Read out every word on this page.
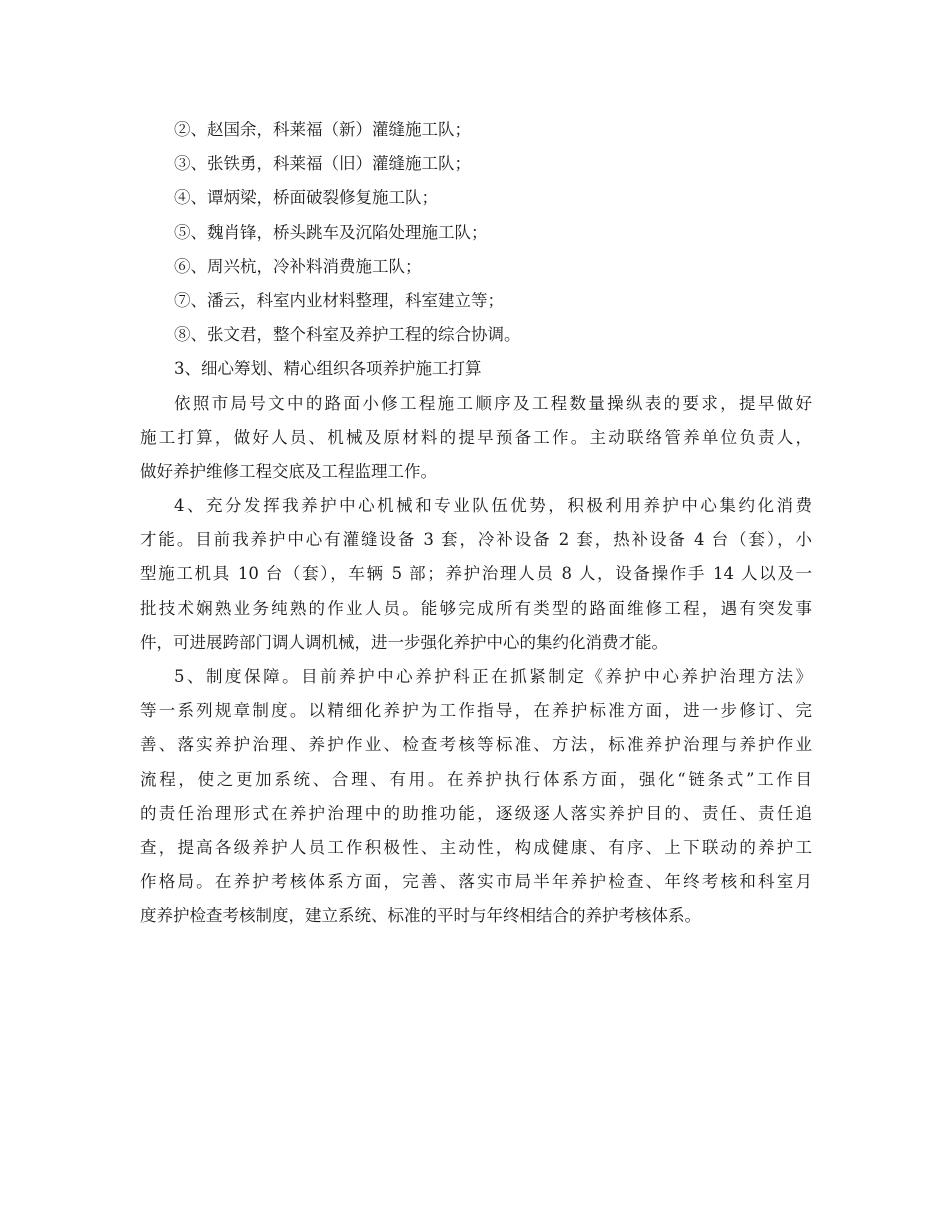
②、赵国余，科莱福（新）灌缝施工队；
③、张铁勇，科莱福（旧）灌缝施工队；
④、谭炳梁，桥面破裂修复施工队；
⑤、魏肖锋，桥头跳车及沉陷处理施工队；
⑥、周兴杭，冷补料消费施工队；
⑦、潘云，科室内业材料整理，科室建立等；
⑧、张文君，整个科室及养护工程的综合协调。
3、细心筹划、精心组织各项养护施工打算
依照市局号文中的路面小修工程施工顺序及工程数量操纵表的要求，提早做好
施工打算，做好人员、机械及原材料的提早预备工作。主动联络管养单位负责人，
做好养护维修工程交底及工程监理工作。
4、充分发挥我养护中心机械和专业队伍优势，积极利用养护中心集约化消费
才能。目前我养护中心有灌缝设备 3 套，冷补设备 2 套，热补设备 4 台（套），小
型施工机具 10 台（套），车辆 5 部；养护治理人员 8 人，设备操作手 14 人以及一
批技术娴熟业务纯熟的作业人员。能够完成所有类型的路面维修工程，遇有突发事
件，可进展跨部门调人调机械，进一步强化养护中心的集约化消费才能。
5、制度保障。目前养护中心养护科正在抓紧制定《养护中心养护治理方法》
等一系列规章制度。以精细化养护为工作指导，在养护标准方面，进一步修订、完
善、落实养护治理、养护作业、检查考核等标准、方法，标准养护治理与养护作业
流程，使之更加系统、合理、有用。在养护执行体系方面，强化“链条式”工作目
的责任治理形式在养护治理中的助推功能，逐级逐人落实养护目的、责任、责任追
查，提高各级养护人员工作积极性、主动性，构成健康、有序、上下联动的养护工
作格局。在养护考核体系方面，完善、落实市局半年养护检查、年终考核和科室月
度养护检查考核制度，建立系统、标准的平时与年终相结合的养护考核体系。
